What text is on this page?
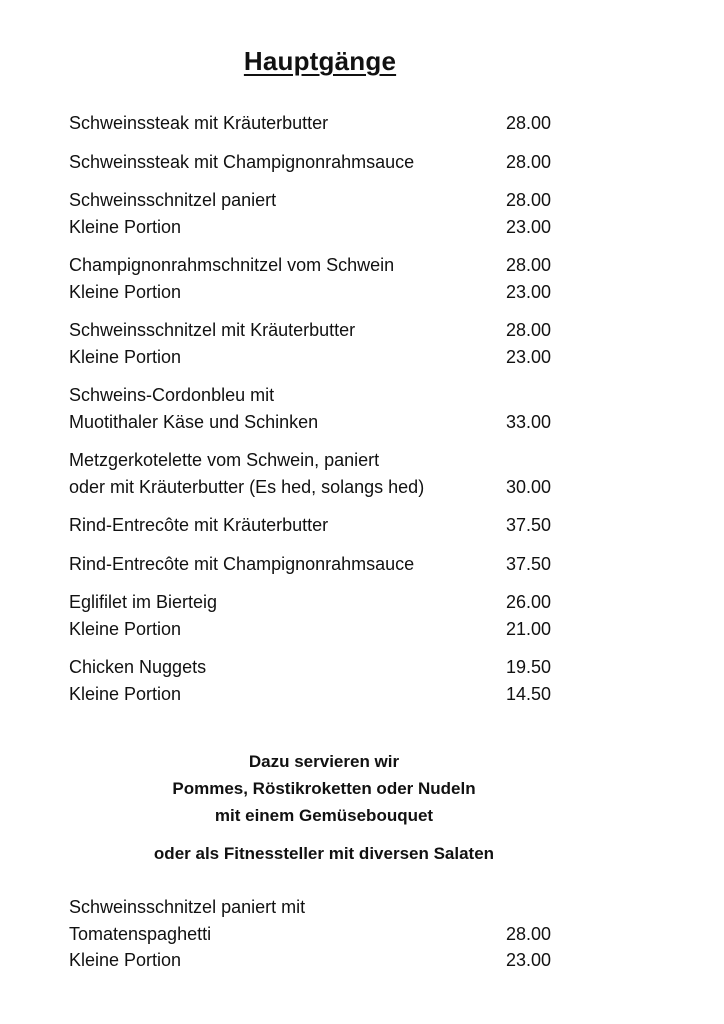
Hauptgänge
Schweinssteak mit Kräuterbutter	28.00
Schweinssteak mit Champignonrahmsauce	28.00
Schweinsschnitzel paniert	28.00
Kleine Portion	23.00
Champignonrahmschnitzel vom Schwein	28.00
Kleine Portion	23.00
Schweinsschnitzel mit Kräuterbutter	28.00
Kleine Portion	23.00
Schweins-Cordonbleu mit
Muotithaler Käse und Schinken	33.00
Metzgerkotelette vom Schwein, paniert
oder mit Kräuterbutter (Es hed, solangs hed)	30.00
Rind-Entrecôte mit Kräuterbutter	37.50
Rind-Entrecôte mit Champignonrahmsauce	37.50
Eglifilet im Bierteig	26.00
Kleine Portion	21.00
Chicken Nuggets	19.50
Kleine Portion	14.50
Dazu servieren wir
Pommes, Röstikroketten oder Nudeln
mit einem Gemüsebouquet
oder als Fitnessteller mit diversen Salaten
Schweinsschnitzel paniert mit
Tomatenspaghetti	28.00
Kleine Portion	23.00
